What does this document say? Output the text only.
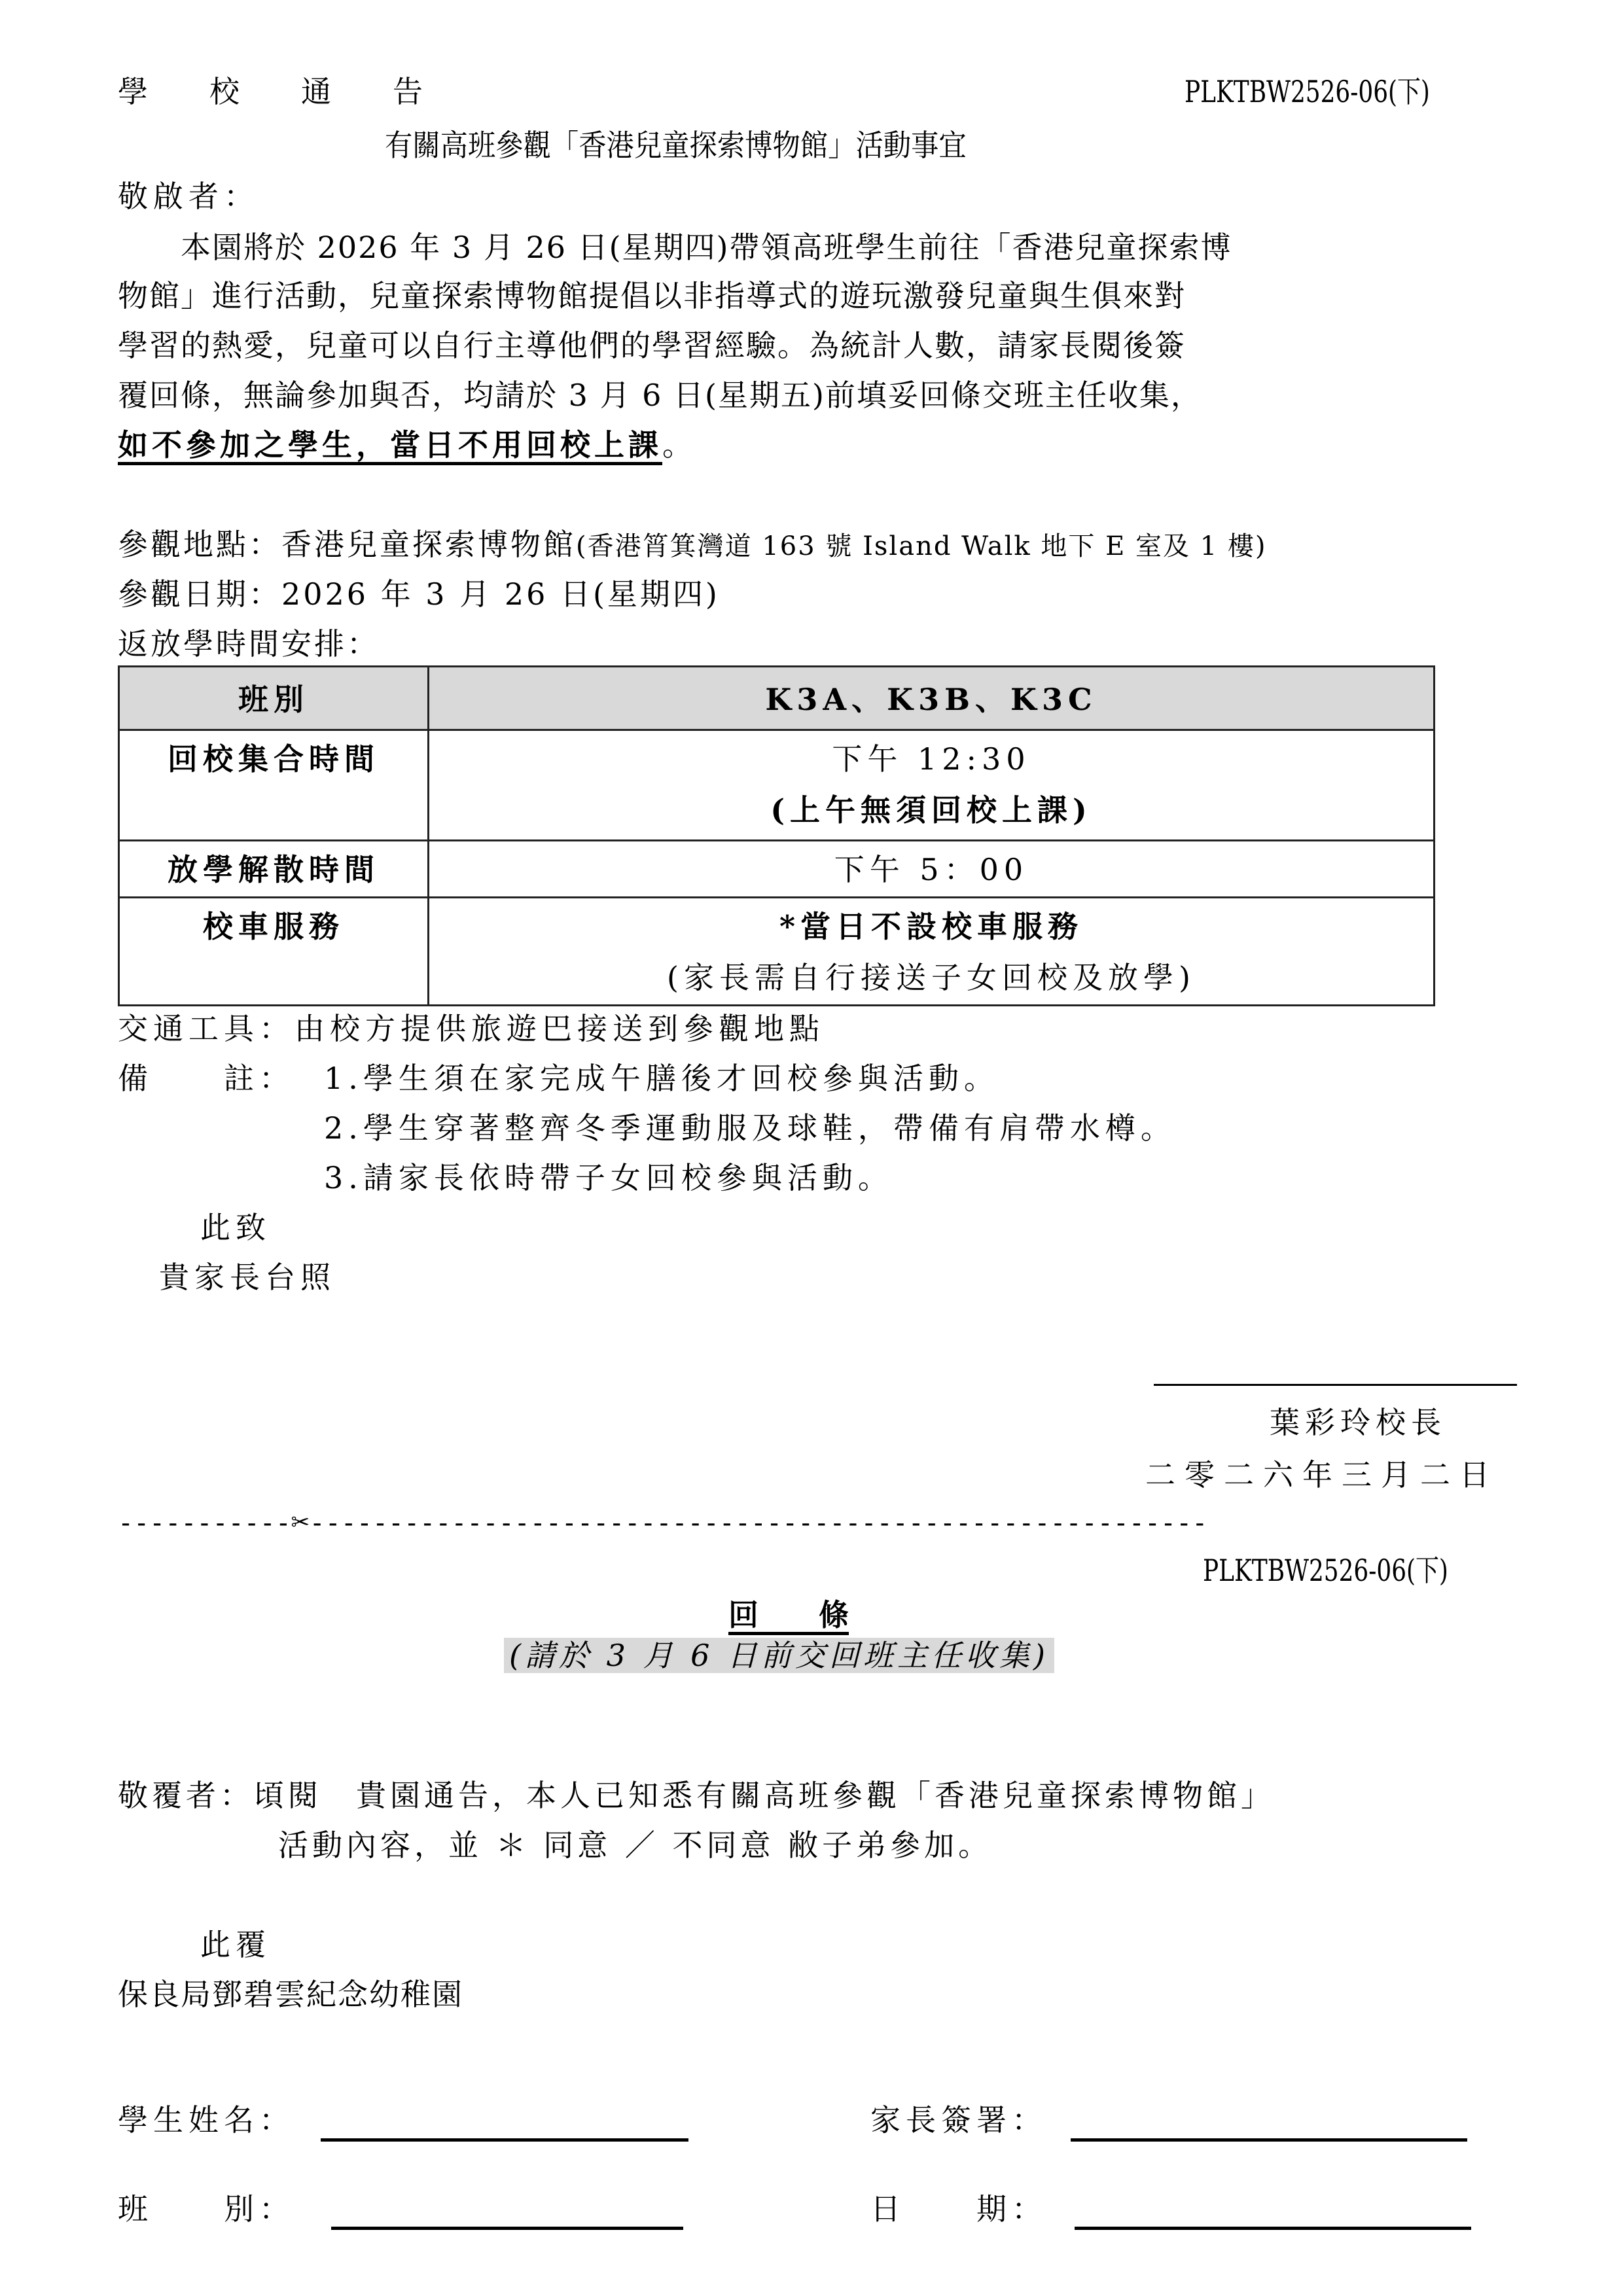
學　校　通　告	PLKTBW2526-06(下)
有關高班參觀「香港兒童探索博物館」活動事宜
敬啟者：
　　本園將於 2026 年 3 月 26 日(星期四)帶領高班學生前往「香港兒童探索博
物館」進行活動，兒童探索博物館提倡以非指導式的遊玩激發兒童與生俱來對
學習的熱愛，兒童可以自行主導他們的學習經驗。為統計人數，請家長閱後簽
覆回條，無論參加與否，均請於 3 月 6 日(星期五)前填妥回條交班主任收集，
如不參加之學生，當日不用回校上課。
參觀地點：香港兒童探索博物館(香港筲箕灣道 163 號 Island Walk 地下 E 室及 1 樓)
參觀日期：2026 年 3 月 26 日(星期四)
返放學時間安排：
班別	K3A、K3B、K3C
回校集合時間	下午 12:30
(上午無須回校上課)

放學解散時間	下午 5：00
校車服務	*當日不設校車服務
(家長需自行接送子女回校及放學)
交通工具：由校方提供旅遊巴接送到參觀地點
備　　註： 1.學生須在家完成午膳後才回校參與活動。
2.學生穿著整齊冬季運動服及球鞋，帶備有肩帶水樽。
3.請家長依時帶子女回校參與活動。
此致
貴家長台照
葉彩玲校長
二零二六年三月二日
-----------✂---------------------------------------------------------
PLKTBW2526-06(下)
回　　條
(請於 3 月 6 日前交回班主任收集)
敬覆者：頃閱　貴園通告，本人已知悉有關高班參觀「香港兒童探索博物館」
活動內容，並 ＊ 同意 ／ 不同意 敝子弟參加。
此覆
保良局鄧碧雲紀念幼稚園
學生姓名：	家長簽署：
班　　別：	日　　期：
